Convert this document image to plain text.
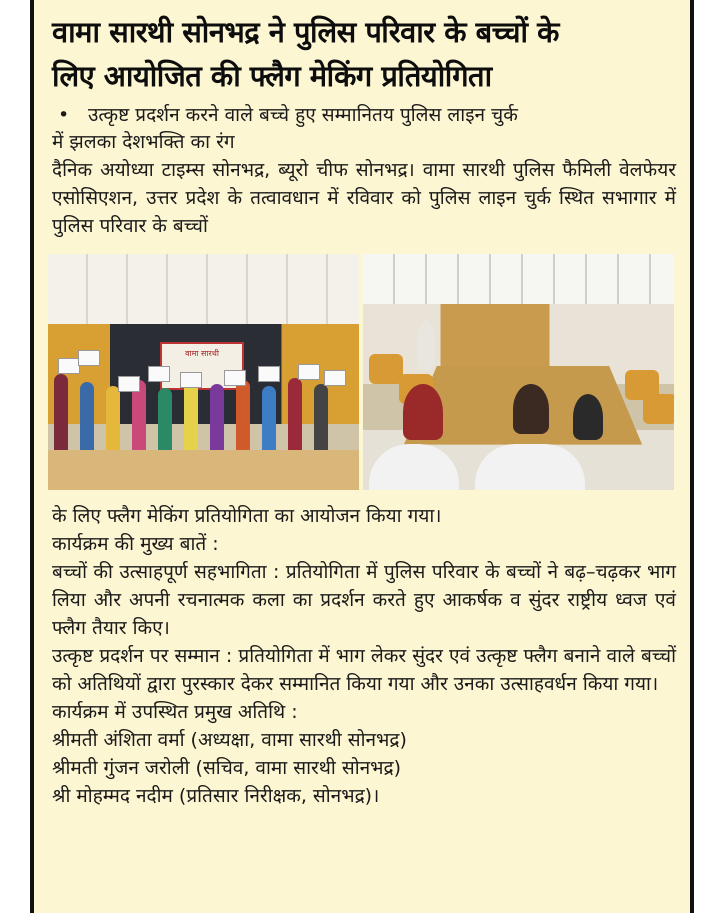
वामा सारथी सोनभद्र ने पुलिस परिवार के बच्चों के
लिए आयोजित की फ्लैग मेकिंग प्रतियोगिता

• उत्कृष्ट प्रदर्शन करने वाले बच्चे हुए सम्मानितय पुलिस लाइन चुर्क
में झलका देशभक्ति का रंग

दैनिक अयोध्या टाइम्स सोनभद्र, ब्यूरो चीफ सोनभद्र। वामा सारथी पुलिस फैमिली वेलफेयर एसोसिएशन, उत्तर प्रदेश के तत्वावधान में रविवार को पुलिस लाइन चुर्क स्थित सभागार में पुलिस परिवार के बच्चों

वामा सारथी

के लिए फ्लैग मेकिंग प्रतियोगिता का आयोजन किया गया।

कार्यक्रम की मुख्य बातें :

बच्चों की उत्साहपूर्ण सहभागिता : प्रतियोगिता में पुलिस परिवार के बच्चों ने बढ़–चढ़कर भाग लिया और अपनी रचनात्मक कला का प्रदर्शन करते हुए आकर्षक व सुंदर राष्ट्रीय ध्वज एवं फ्लैग तैयार किए।

उत्कृष्ट प्रदर्शन पर सम्मान : प्रतियोगिता में भाग लेकर सुंदर एवं उत्कृष्ट फ्लैग बनाने वाले बच्चों को अतिथियों द्वारा पुरस्कार देकर सम्मानित किया गया और उनका उत्साहवर्धन किया गया।

कार्यक्रम में उपस्थित प्रमुख अतिथि :

श्रीमती अंशिता वर्मा (अध्यक्षा, वामा सारथी सोनभद्र)

श्रीमती गुंजन जरोली (सचिव, वामा सारथी सोनभद्र)

श्री मोहम्मद नदीम (प्रतिसार निरीक्षक, सोनभद्र)।
